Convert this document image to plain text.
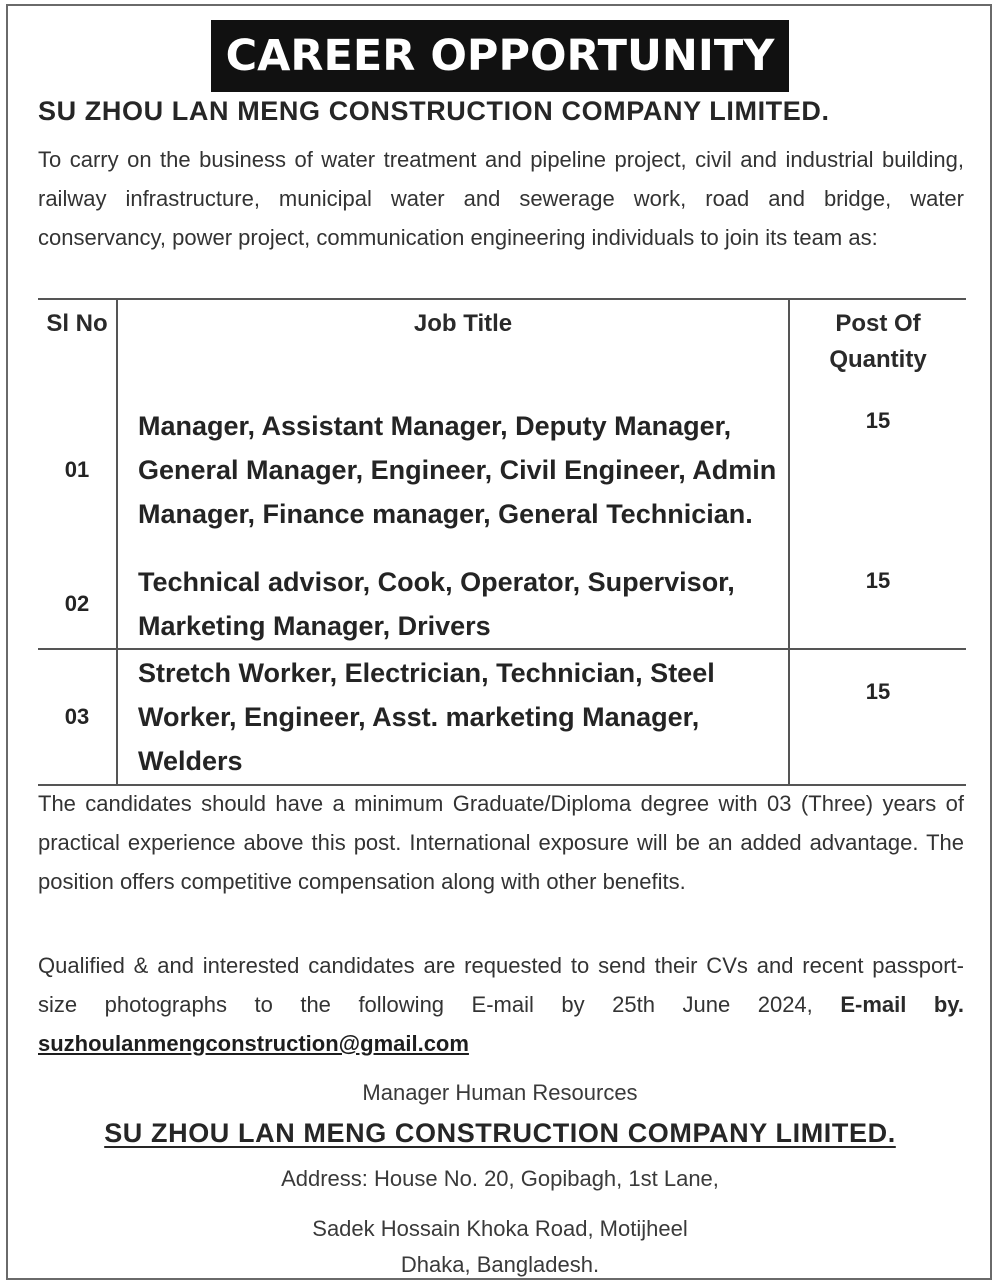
CAREER OPPORTUNITY
SU ZHOU LAN MENG CONSTRUCTION COMPANY LIMITED.
To carry on the business of water treatment and pipeline project, civil and industrial building, railway infrastructure, municipal water and sewerage work, road and bridge, water conservancy, power project, communication engineering individuals to join its team as:
Sl No	Job Title	Post Of Quantity
01	Manager, Assistant Manager, Deputy Manager, General Manager, Engineer, Civil Engineer, Admin Manager, Finance manager, General Technician.	15
02	Technical advisor, Cook, Operator, Supervisor, Marketing Manager, Drivers	15
03	Stretch Worker, Electrician, Technician, Steel Worker, Engineer, Asst. marketing Manager, Welders	15
The candidates should have a minimum Graduate/Diploma degree with 03 (Three) years of practical experience above this post. International exposure will be an added advantage. The position offers competitive compensation along with other benefits.
Qualified & and interested candidates are requested to send their CVs and recent passport-size photographs to the following E-mail by 25th June 2024, E-mail by. suzhoulanmengconstruction@gmail.com
Manager Human Resources
SU ZHOU LAN MENG CONSTRUCTION COMPANY LIMITED.
Address: House No. 20, Gopibagh, 1st Lane,
Sadek Hossain Khoka Road, Motijheel
Dhaka, Bangladesh.
